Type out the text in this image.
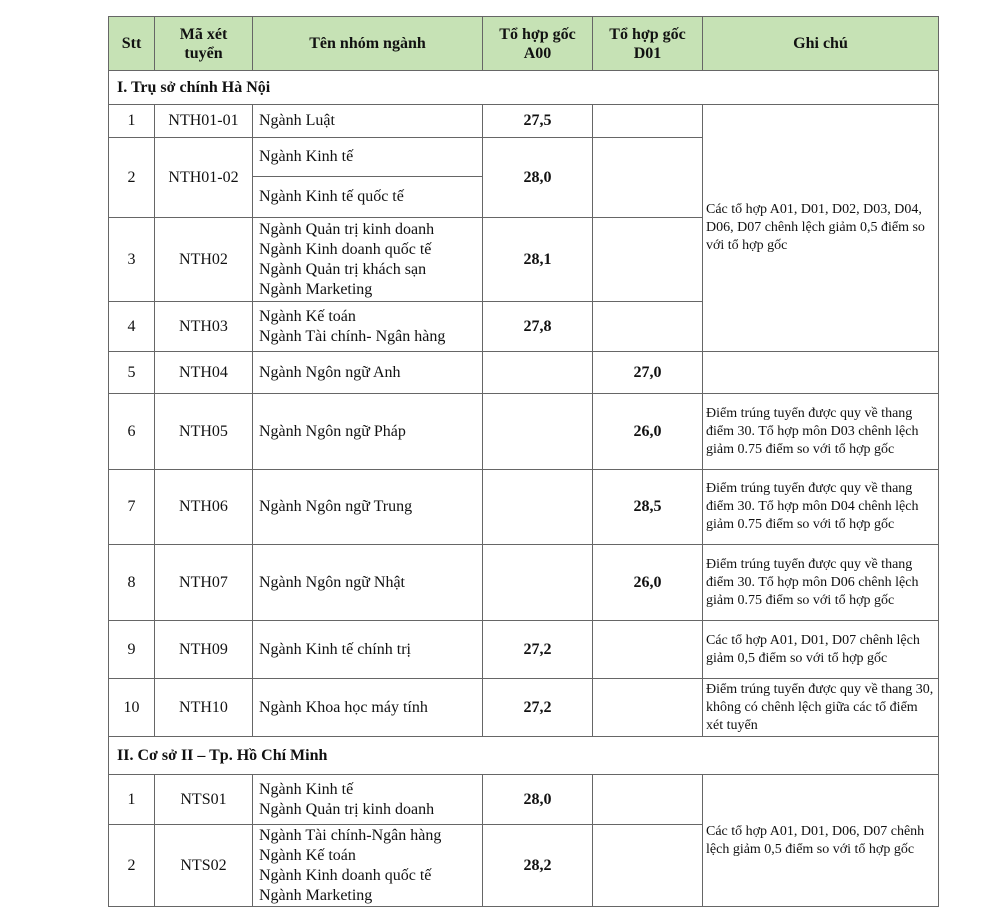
Stt	Mã xét tuyển	Tên nhóm ngành	Tổ hợp gốc A00	Tổ hợp gốc D01	Ghi chú
I. Trụ sở chính Hà Nội					
1	NTH01-01	Ngành Luật	27,5		Các tổ hợp A01, D01, D02, D03, D04, D06, D07 chênh lệch giảm 0,5 điểm so với tổ hợp gốc
2	NTH01-02	Ngành Kinh tế	28,0		
		Ngành Kinh tế quốc tế			
3	NTH02	Ngành Quản trị kinh doanh
Ngành Kinh doanh quốc tế
Ngành Quản trị khách sạn
Ngành Marketing	28,1		
4	NTH03	Ngành Kế toán
Ngành Tài chính- Ngân hàng	27,8		
5	NTH04	Ngành Ngôn ngữ Anh		27,0	
6	NTH05	Ngành Ngôn ngữ Pháp		26,0	Điểm trúng tuyển được quy về thang điểm 30. Tổ hợp môn D03 chênh lệch giảm 0.75 điểm so với tổ hợp gốc
7	NTH06	Ngành Ngôn ngữ Trung		28,5	Điểm trúng tuyển được quy về thang điểm 30. Tổ hợp môn D04 chênh lệch giảm 0.75 điểm so với tổ hợp gốc
8	NTH07	Ngành Ngôn ngữ Nhật		26,0	Điểm trúng tuyển được quy về thang điểm 30. Tổ hợp môn D06 chênh lệch giảm 0.75 điểm so với tổ hợp gốc
9	NTH09	Ngành Kinh tế chính trị	27,2		Các tổ hợp A01, D01, D07 chênh lệch giảm 0,5 điểm so với tổ hợp gốc
10	NTH10	Ngành Khoa học máy tính	27,2		Điểm trúng tuyển được quy về thang 30, không có chênh lệch giữa các tổ điểm xét tuyển
II. Cơ sở II – Tp. Hồ Chí Minh					
1	NTS01	Ngành Kinh tế
Ngành Quản trị kinh doanh	28,0		Các tổ hợp A01, D01, D06, D07 chênh lệch giảm 0,5 điểm so với tổ hợp gốc
2	NTS02	Ngành Tài chính-Ngân hàng
Ngành Kế toán
Ngành Kinh doanh quốc tế
Ngành Marketing	28,2		
